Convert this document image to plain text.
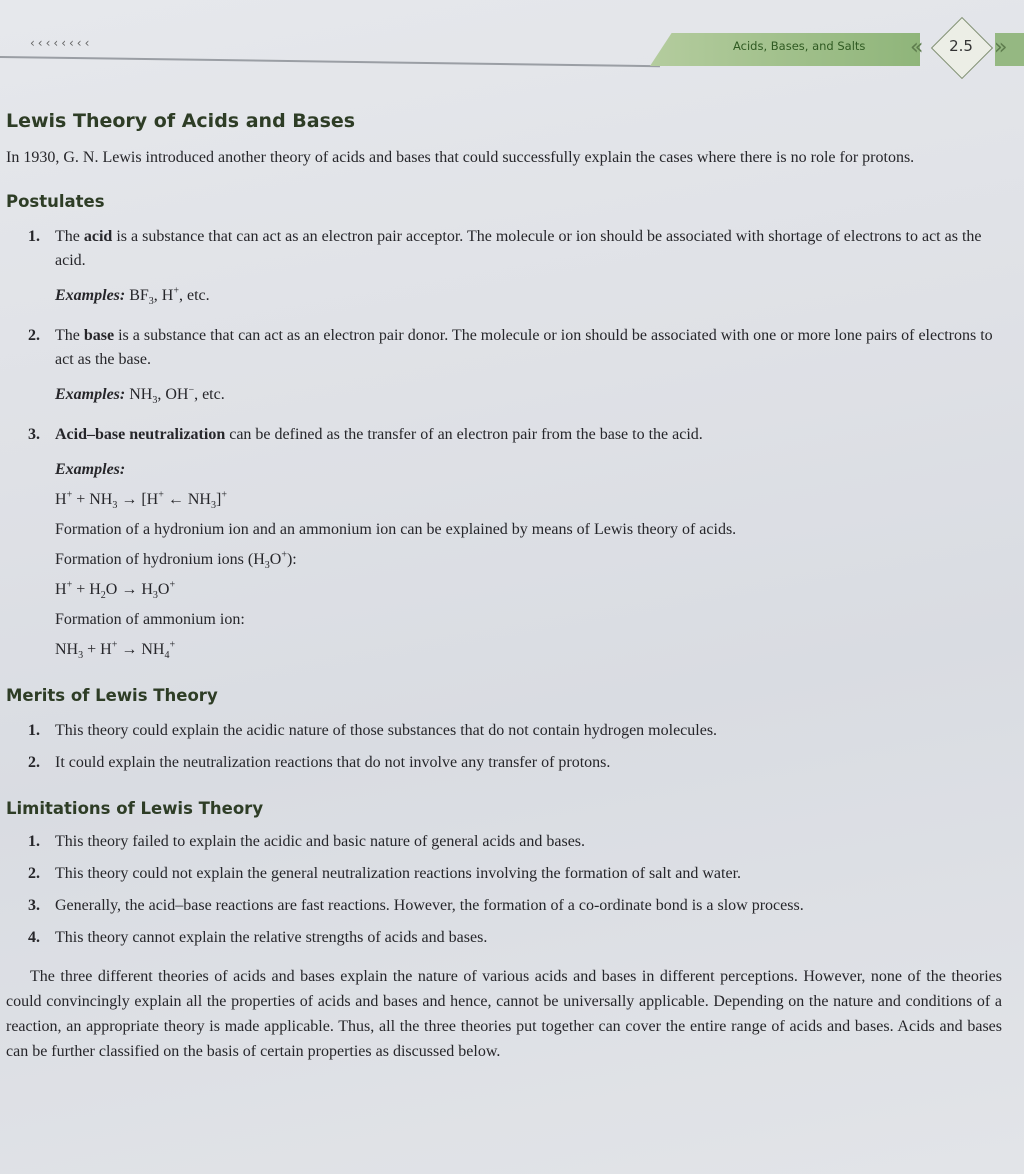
‹‹‹‹‹‹‹‹	Acids, Bases, and Salts «	2.5 »
Lewis Theory of Acids and Bases

In 1930, G. N. Lewis introduced another theory of acids and bases that could successfully explain the cases where there is no role for protons.

Postulates
1. The acid is a substance that can act as an electron pair acceptor. The molecule or ion should be associated with shortage of electrons to act as the acid.
Examples: $BF_3$, H+, etc.
2. The base is a substance that can act as an electron pair donor. The molecule or ion should be associated with one or more lone pairs of electrons to act as the base.
Examples: $NH_3$, OH−, etc.
3. Acid–base neutralization can be defined as the transfer of an electron pair from the base to the acid.
Examples:
$H^+ + NH_3 \to [H^+$ ← $NH_3]^+$
Formation of a hydronium ion and an ammonium ion can be explained by means of Lewis theory of acids.
Formation of hydronium ions $(H_3O^+)$:
$H^+ + H_2O \to H_3O^+$
Formation of ammonium ion:
$NH_3 + H^+ \to NH_4^+$
Merits of Lewis Theory
1. This theory could explain the acidic nature of those substances that do not contain hydrogen molecules.
2. It could explain the neutralization reactions that do not involve any transfer of protons.
Limitations of Lewis Theory
1. This theory failed to explain the acidic and basic nature of general acids and bases.
2. This theory could not explain the general neutralization reactions involving the formation of salt and water.
3. Generally, the acid–base reactions are fast reactions. However, the formation of a co-ordinate bond is a slow process.
4. This theory cannot explain the relative strengths of acids and bases.

The three different theories of acids and bases explain the nature of various acids and bases in different perceptions. However, none of the theories could convincingly explain all the properties of acids and bases and hence, cannot be universally applicable. Depending on the nature and conditions of a reaction, an appropriate theory is made applicable. Thus, all the three theories put together can cover the entire range of acids and bases. Acids and bases can be further classified on the basis of certain properties as discussed below.
